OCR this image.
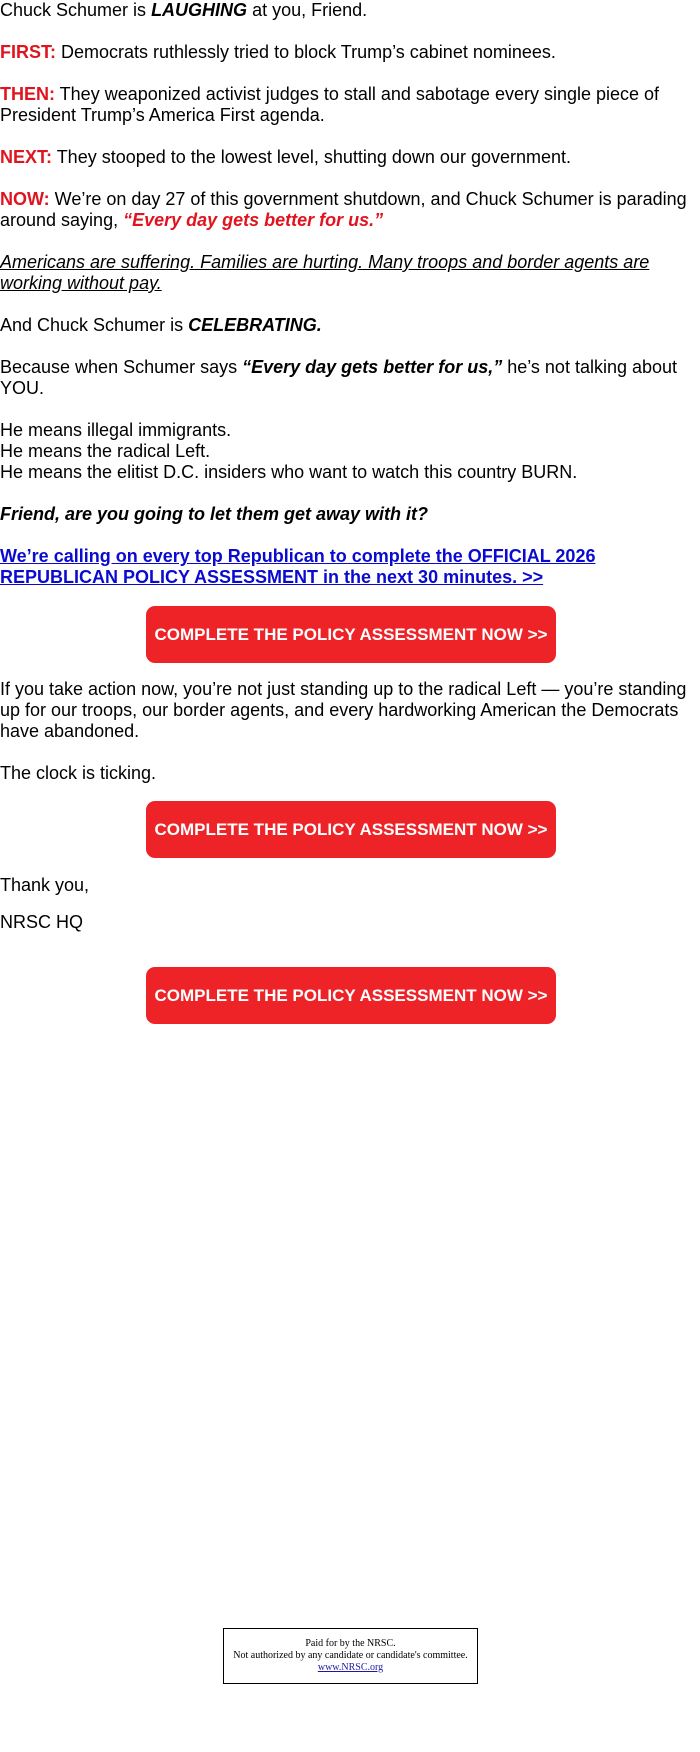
Chuck Schumer is LAUGHING at you, Friend.
FIRST: Democrats ruthlessly tried to block Trump’s cabinet nominees.
THEN: They weaponized activist judges to stall and sabotage every single piece of President Trump’s America First agenda.
NEXT: They stooped to the lowest level, shutting down our government.
NOW: We’re on day 27 of this government shutdown, and Chuck Schumer is parading around saying, “Every day gets better for us.”
Americans are suffering. Families are hurting. Many troops and border agents are working without pay.
And Chuck Schumer is CELEBRATING.
Because when Schumer says “Every day gets better for us,” he’s not talking about YOU.
He means illegal immigrants.
He means the radical Left.
He means the elitist D.C. insiders who want to watch this country BURN.
Friend, are you going to let them get away with it?
We’re calling on every top Republican to complete the OFFICIAL 2026 REPUBLICAN POLICY ASSESSMENT in the next 30 minutes. >>
COMPLETE THE POLICY ASSESSMENT NOW >>
If you take action now, you’re not just standing up to the radical Left — you’re standing up for our troops, our border agents, and every hardworking American the Democrats have abandoned.
The clock is ticking.
COMPLETE THE POLICY ASSESSMENT NOW >>
Thank you,
NRSC HQ
COMPLETE THE POLICY ASSESSMENT NOW >>
Paid for by the NRSC.
Not authorized by any candidate or candidate's committee.
www.NRSC.org
